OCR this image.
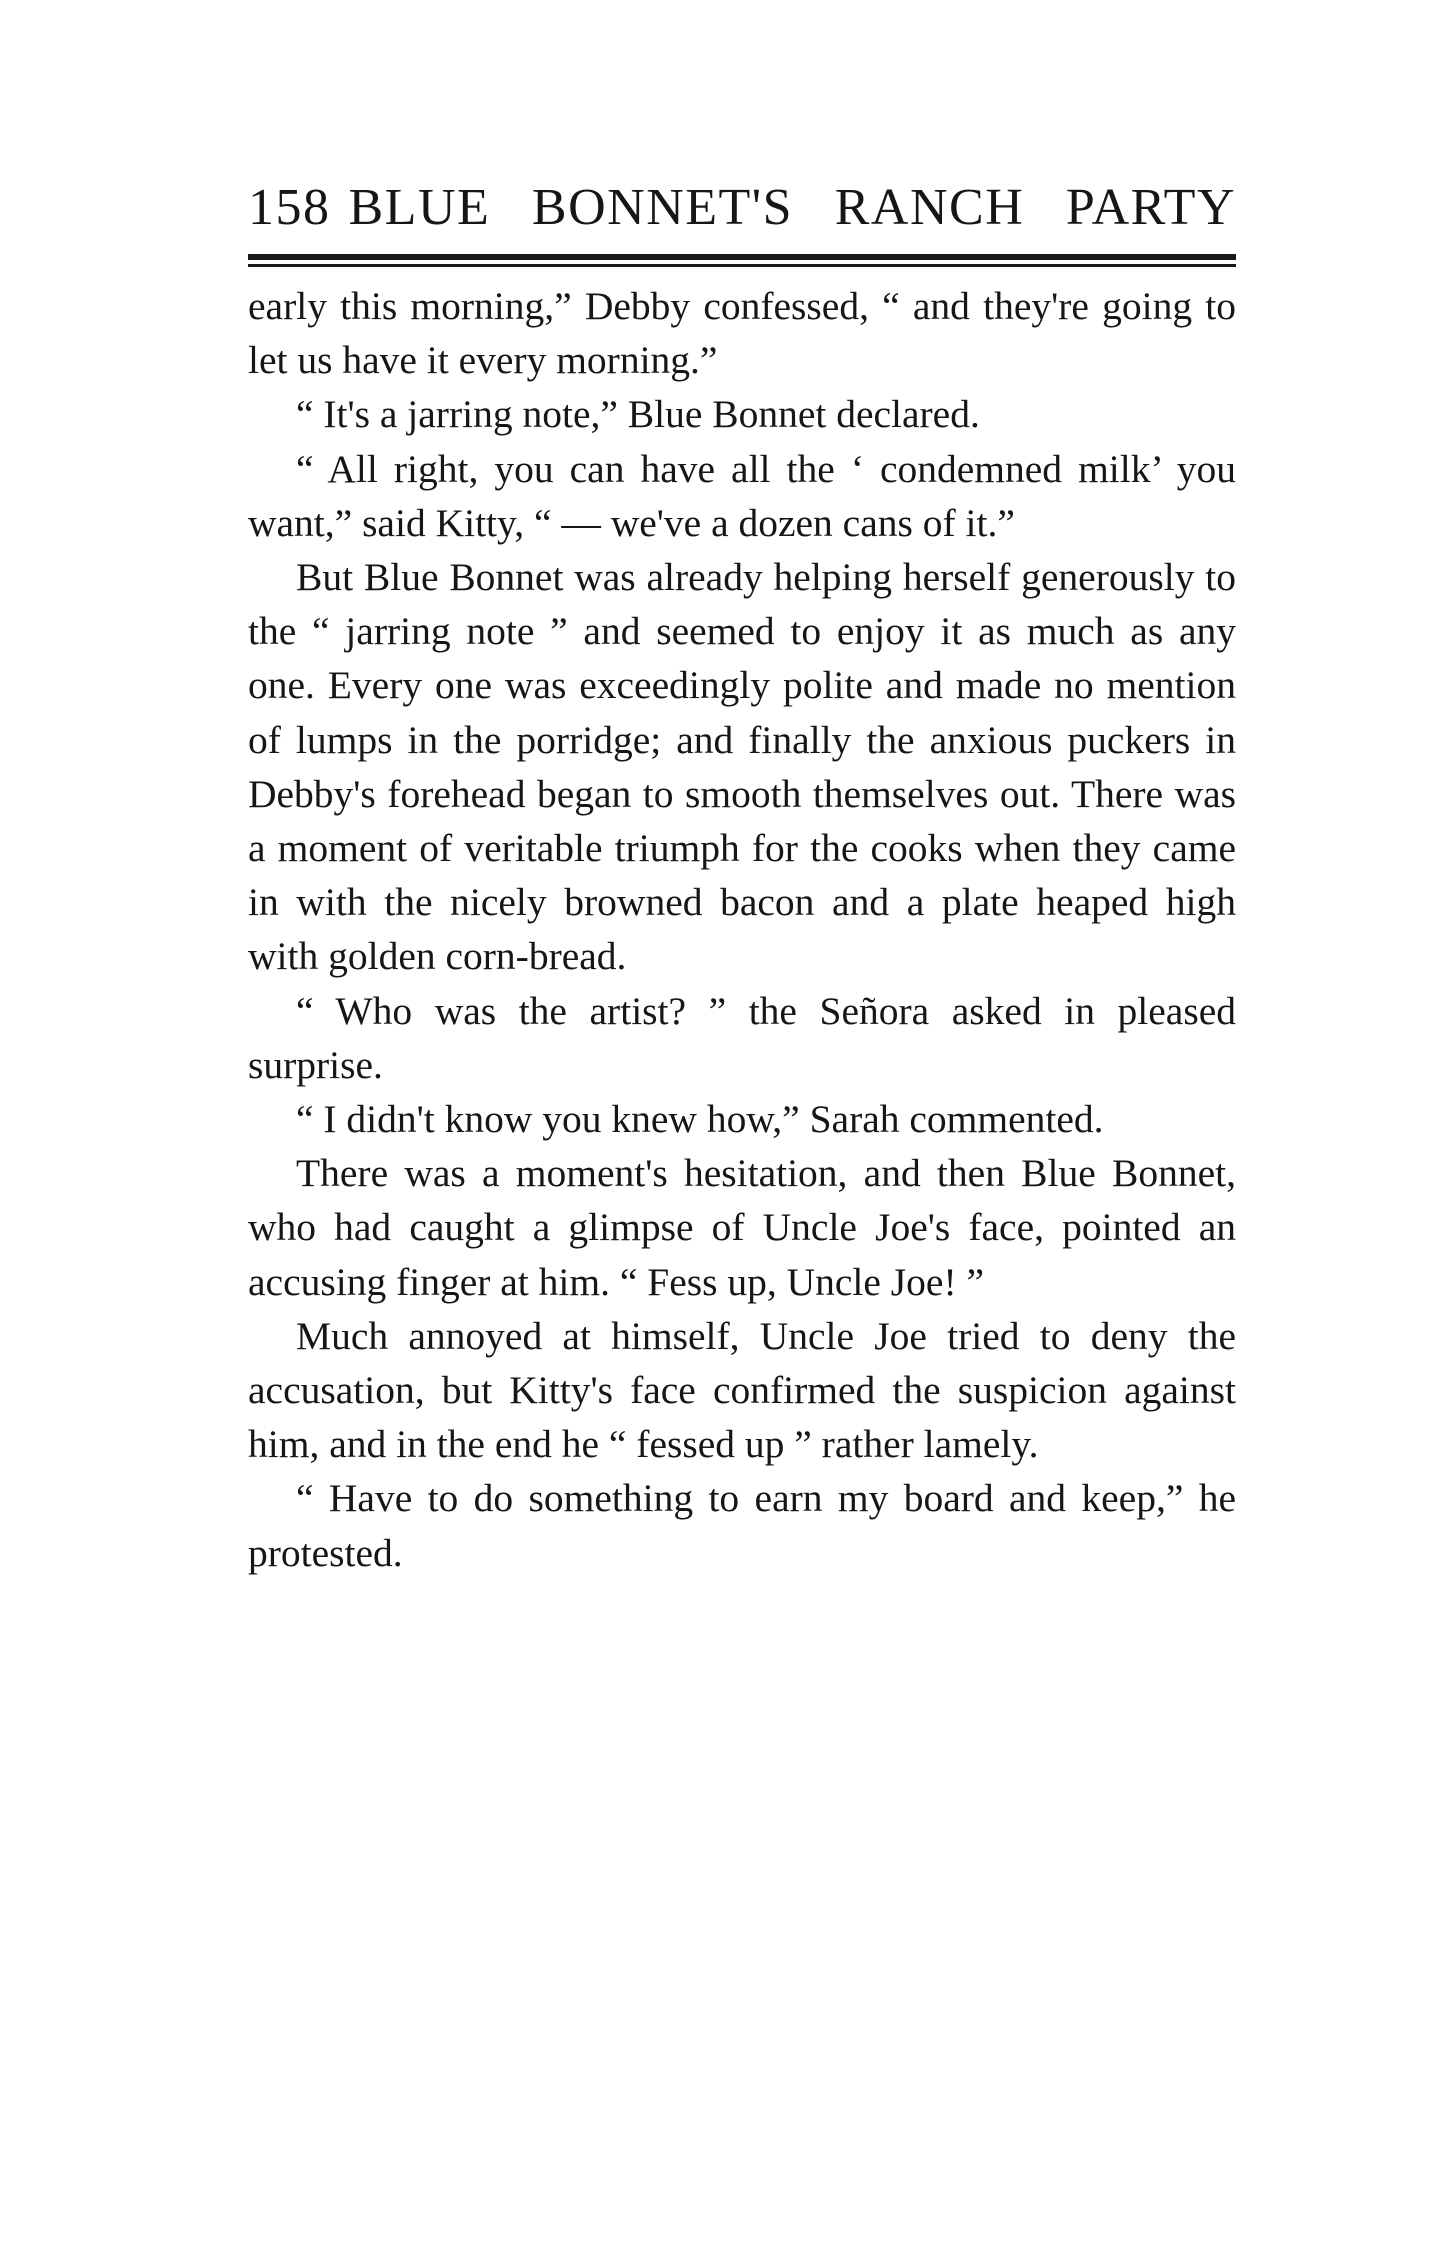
158 BLUE BONNET'S RANCH PARTY

early this morning,” Debby confessed, “ and they're going to let us have it every morning.”

“ It's a jarring note,” Blue Bonnet declared.

“ All right, you can have all the ‘ condemned milk’ you want,” said Kitty, “ — we've a dozen cans of it.”

But Blue Bonnet was already helping herself generously to the “ jarring note ” and seemed to enjoy it as much as any one. Every one was exceedingly polite and made no mention of lumps in the porridge; and finally the anxious puckers in Debby's forehead began to smooth themselves out. There was a moment of veritable triumph for the cooks when they came in with the nicely browned bacon and a plate heaped high with golden corn-bread.

“ Who was the artist? ” the Señora asked in pleased surprise.

“ I didn't know you knew how,” Sarah commented.

There was a moment's hesitation, and then Blue Bonnet, who had caught a glimpse of Uncle Joe's face, pointed an accusing finger at him. “ Fess up, Uncle Joe! ”

Much annoyed at himself, Uncle Joe tried to deny the accusation, but Kitty's face confirmed the suspicion against him, and in the end he “ fessed up ” rather lamely.

“ Have to do something to earn my board and keep,” he protested.
